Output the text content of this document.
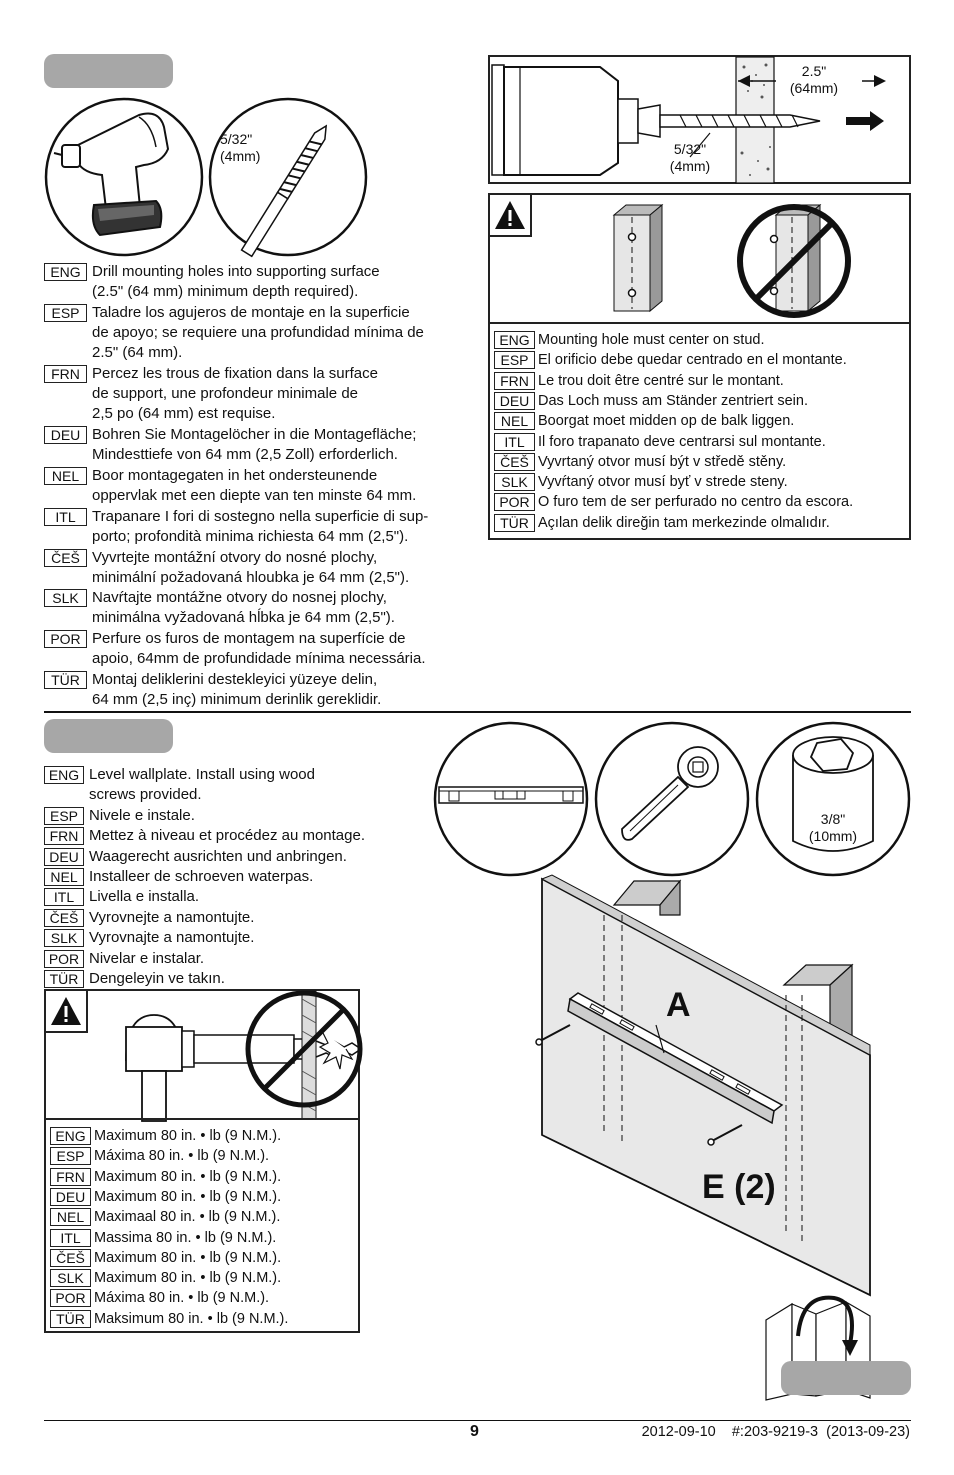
5/32"
(4mm)
ENG Drill mounting holes into supporting surface
(2.5" (64 mm) minimum depth required).
ESP Taladre los agujeros de montaje en la superficie
de apoyo; se requiere una profundidad mínima de
2.5" (64 mm).
FRN Percez les trous de fixation dans la surface
de support, une profondeur minimale de
2,5 po (64 mm) est requise.
DEU Bohren Sie Montagelöcher in die Montagefläche;
Mindesttiefe von 64 mm (2,5 Zoll) erforderlich.
NEL Boor montagegaten in het ondersteunende
oppervlak met een diepte van ten minste 64 mm.
ITL	Trapanare I fori di sostegno nella superficie di sup-
porto; profondità minima richiesta 64 mm (2,5").
ČEŠ Vyvrtejte montážní otvory do nosné plochy,
minimální požadovaná hloubka je 64 mm (2,5").
SLK Navŕtajte montážne otvory do nosnej plochy,
minimálna vyžadovaná hĺbka je 64 mm (2,5").
POR Perfure os furos de montagem na superfície de
apoio, 64mm de profundidade mínima necessária.
TÜR Montaj deliklerini destekleyici yüzeye delin,
64 mm (2,5 inç) minimum derinlik gereklidir.
2.5"
(64mm)
5/32"
(4mm)
ENG Mounting hole must center on stud.
ESP El orificio debe quedar centrado en el montante.
FRN Le trou doit être centré sur le montant.
DEU Das Loch muss am Ständer zentriert sein.
NEL Boorgat moet midden op de balk liggen.
ITL Il foro trapanato deve centrarsi sul montante.
ČEŠ Vyvrtaný otvor musí být v středě stěny.
SLK Vyvŕtaný otvor musí byť v strede steny.
POR O furo tem de ser perfurado no centro da escora.
TÜR Açılan delik direğin tam merkezinde olmalıdır.
ENG Level wallplate. Install using wood
screws provided.
ESP Nivele e instale.
FRN Mettez à niveau et procédez au montage.
DEU Waagerecht ausrichten und anbringen.
NEL Installeer de schroeven waterpas.
ITL Livella e installa.
ČEŠ Vyrovnejte a namontujte.
SLK Vyrovnajte a namontujte.
POR Nivelar e instalar.
TÜR Dengeleyin ve takın.
ENG Maximum 80 in. • lb (9 N.M.).
ESP Máxima 80 in. • lb (9 N.M.).
FRN Maximum 80 in. • lb (9 N.M.).
DEU Maximum 80 in. • lb (9 N.M.).
NEL Maximaal 80 in. • lb (9 N.M.).
ITL Massima 80 in. • lb (9 N.M.).
ČEŠ Maximum 80 in. • lb (9 N.M.).
SLK Maximum 80 in. • lb (9 N.M.).
POR Máxima 80 in. • lb (9 N.M.).
TÜR Maksimum 80 in. • lb (9 N.M.).
3/8"
(10mm)
A
E (2)
9	2012-09-10    #:203-9219-3  (2013-09-23)
